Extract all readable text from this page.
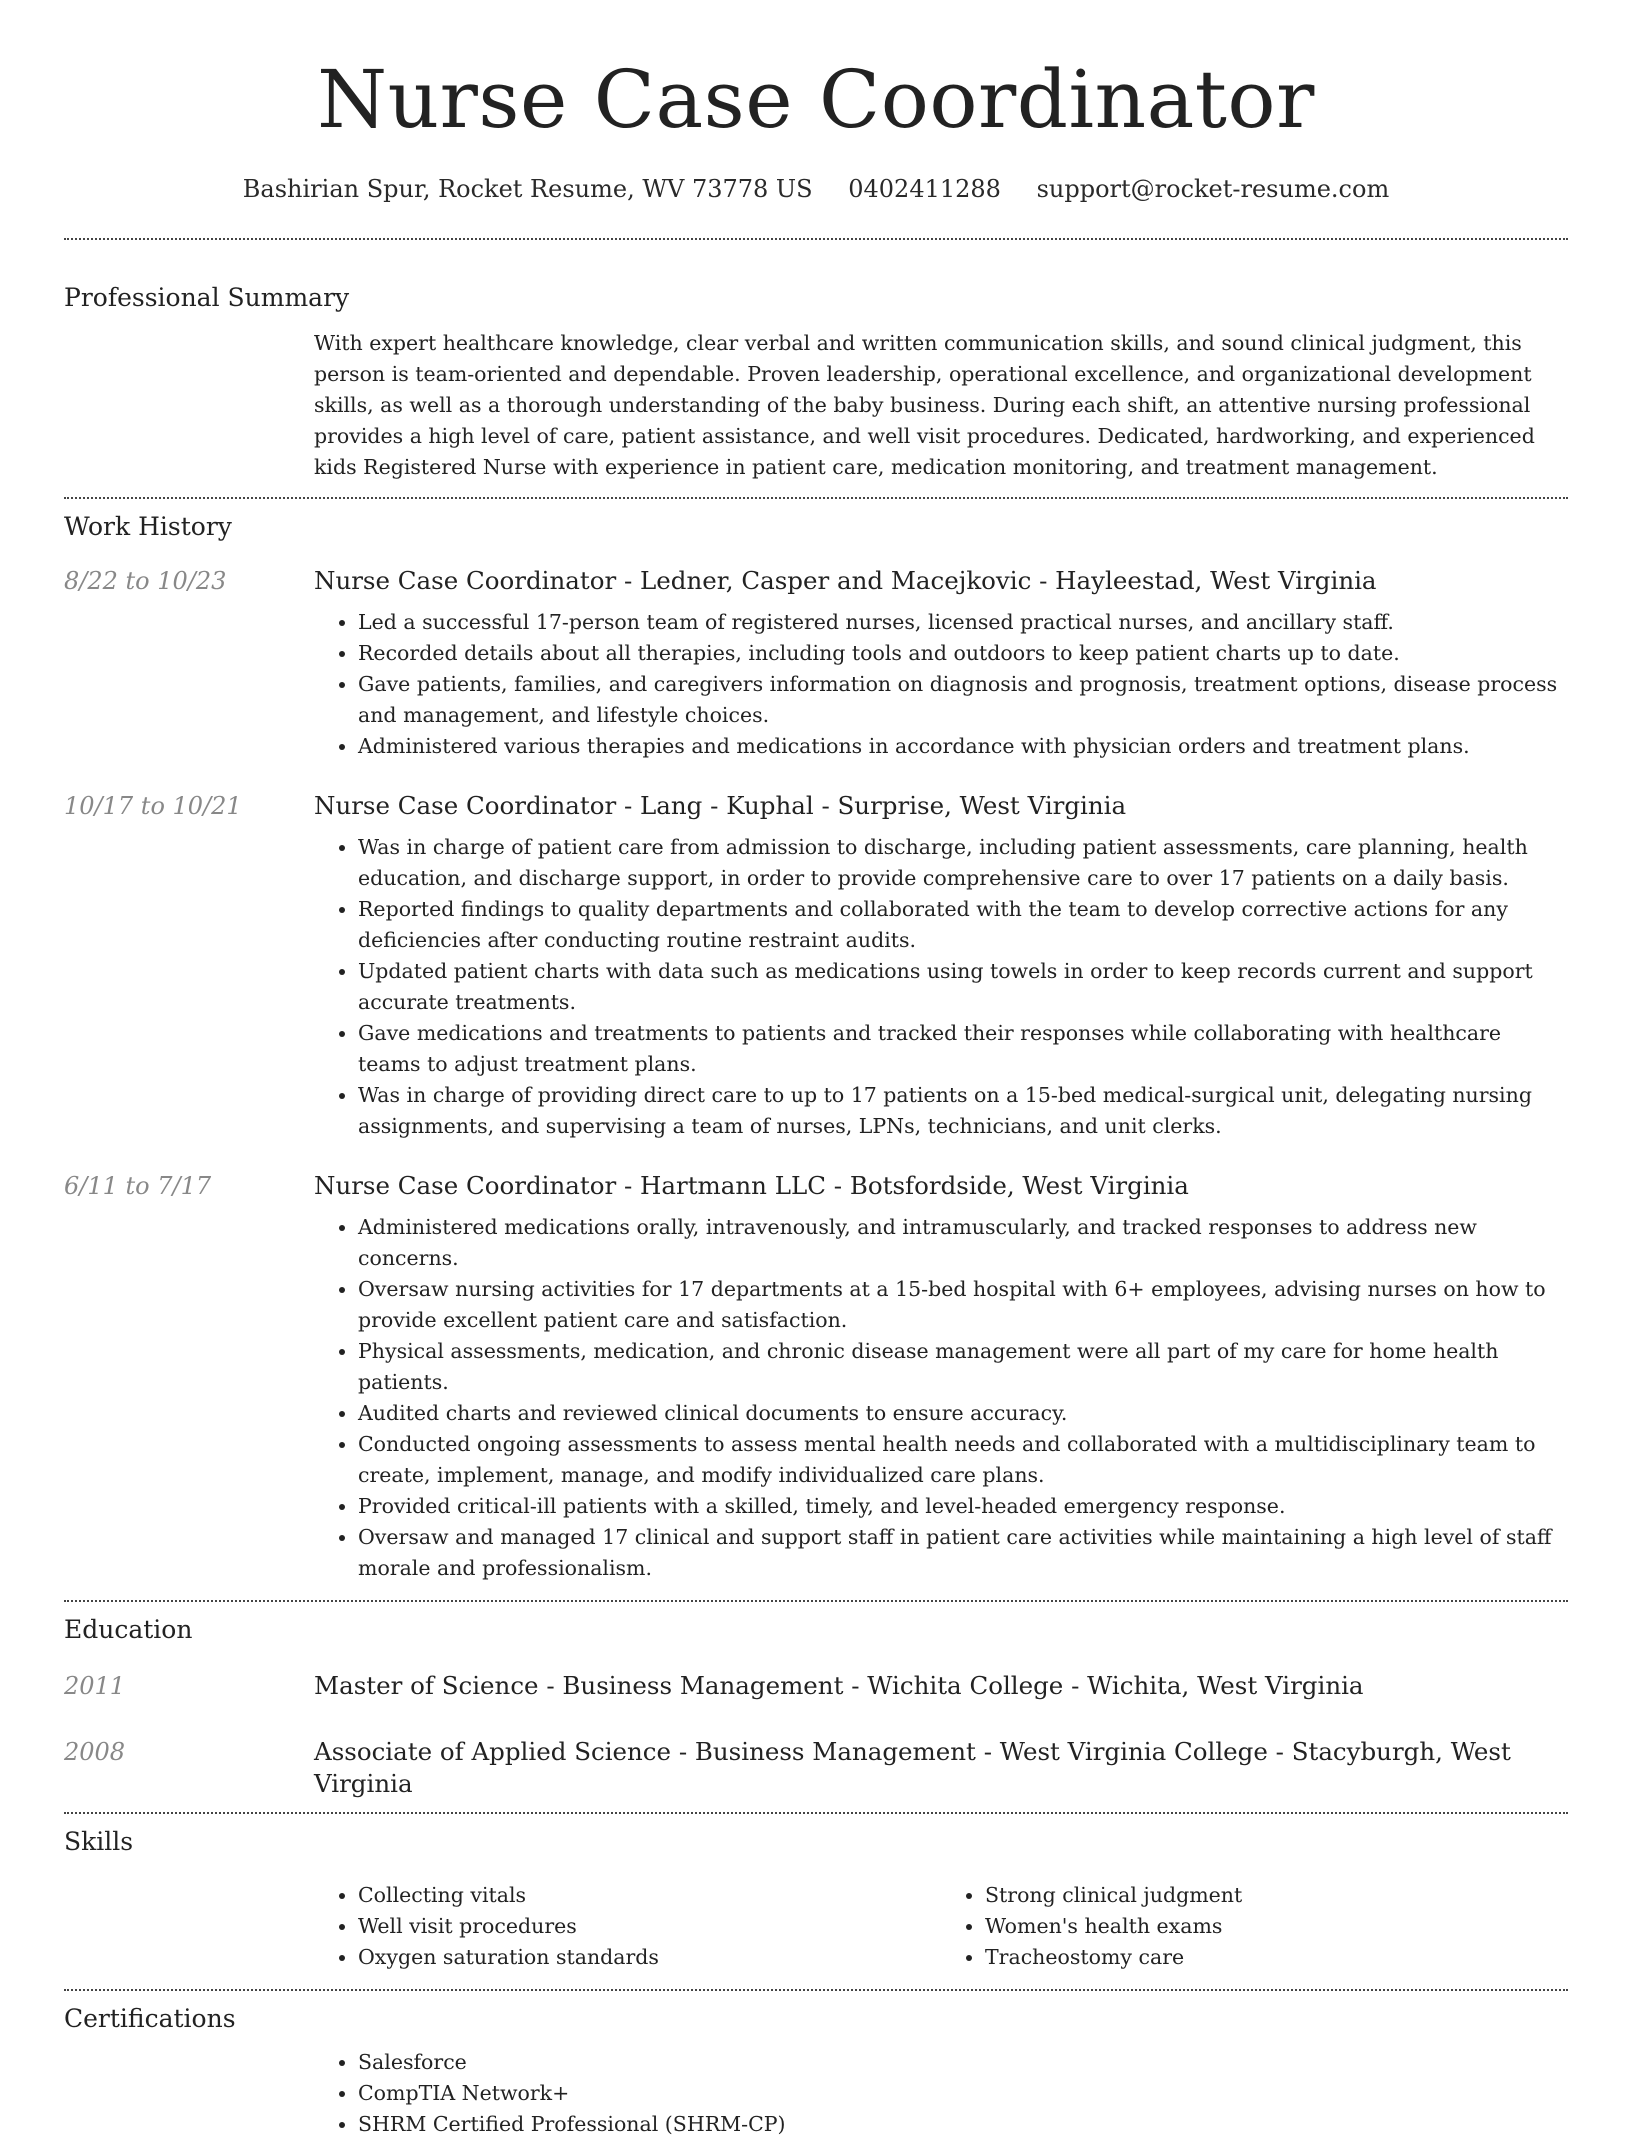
Nurse Case Coordinator
Bashirian Spur, Rocket Resume, WV 73778 US 0402411288 support@rocket-resume.com
Professional Summary
With expert healthcare knowledge, clear verbal and written communication skills, and sound clinical judgment, this person is team-oriented and dependable. Proven leadership, operational excellence, and organizational development skills, as well as a thorough understanding of the baby business. During each shift, an attentive nursing professional provides a high level of care, patient assistance, and well visit procedures. Dedicated, hardworking, and experienced kids Registered Nurse with experience in patient care, medication monitoring, and treatment management.
Work History
8/22 to 10/23	Nurse Case Coordinator - Ledner, Casper and Macejkovic - Hayleestad, West Virginia
• Led a successful 17-person team of registered nurses, licensed practical nurses, and ancillary staff.
• Recorded details about all therapies, including tools and outdoors to keep patient charts up to date.
• Gave patients, families, and caregivers information on diagnosis and prognosis, treatment options, disease process and management, and lifestyle choices.
• Administered various therapies and medications in accordance with physician orders and treatment plans.
10/17 to 10/21	Nurse Case Coordinator - Lang - Kuphal - Surprise, West Virginia
• Was in charge of patient care from admission to discharge, including patient assessments, care planning, health education, and discharge support, in order to provide comprehensive care to over 17 patients on a daily basis.
• Reported findings to quality departments and collaborated with the team to develop corrective actions for any deficiencies after conducting routine restraint audits.
• Updated patient charts with data such as medications using towels in order to keep records current and support accurate treatments.
• Gave medications and treatments to patients and tracked their responses while collaborating with healthcare teams to adjust treatment plans.
• Was in charge of providing direct care to up to 17 patients on a 15-bed medical-surgical unit, delegating nursing assignments, and supervising a team of nurses, LPNs, technicians, and unit clerks.
6/11 to 7/17	Nurse Case Coordinator - Hartmann LLC - Botsfordside, West Virginia
• Administered medications orally, intravenously, and intramuscularly, and tracked responses to address new concerns.
• Oversaw nursing activities for 17 departments at a 15-bed hospital with 6+ employees, advising nurses on how to provide excellent patient care and satisfaction.
• Physical assessments, medication, and chronic disease management were all part of my care for home health patients.
• Audited charts and reviewed clinical documents to ensure accuracy.
• Conducted ongoing assessments to assess mental health needs and collaborated with a multidisciplinary team to create, implement, manage, and modify individualized care plans.
• Provided critical-ill patients with a skilled, timely, and level-headed emergency response.
• Oversaw and managed 17 clinical and support staff in patient care activities while maintaining a high level of staff morale and professionalism.
Education
2011	Master of Science - Business Management - Wichita College - Wichita, West Virginia
2008	Associate of Applied Science - Business Management - West Virginia College - Stacyburgh, West Virginia
Skills
• Collecting vitals
• Well visit procedures
• Oxygen saturation standards
• Strong clinical judgment
• Women's health exams
• Tracheostomy care
Certifications
• Salesforce
• CompTIA Network+
• SHRM Certified Professional (SHRM-CP)
